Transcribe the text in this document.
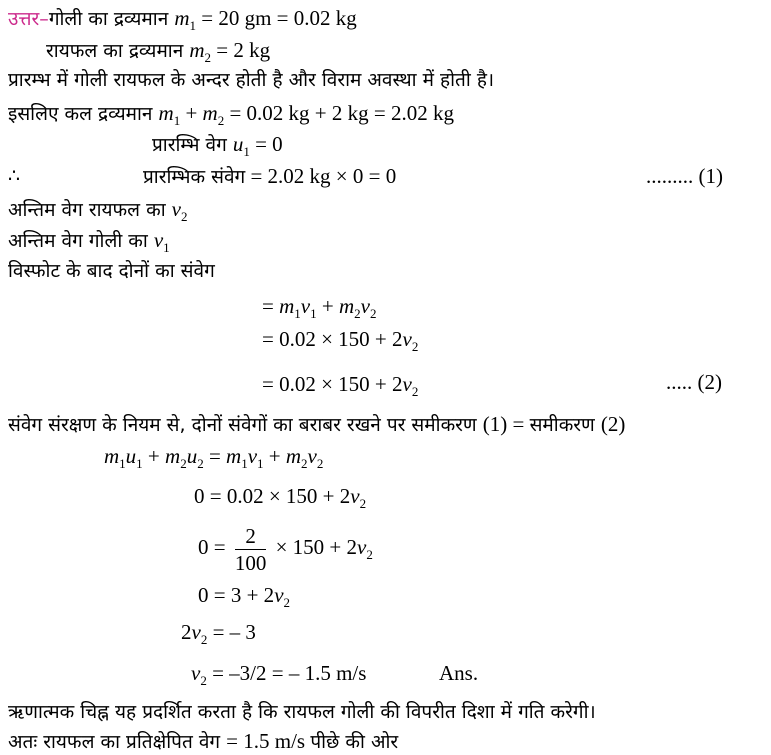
उत्तर–गोली का द्रव्यमान $m_1 = 20$ gm = 0.02 kg
रायफल का द्रव्यमान $m_2 = 2$ kg
प्रारम्भ में गोली रायफल के अन्दर होती है और विराम अवस्था में होती है।
इसलिए कल द्रव्यमान $m_1 + m_2 = 0.02$ kg + 2 kg = 2.02 kg
प्रारम्भि वेग $u_1 = 0$
∴	प्रारम्भिक संवेग = 2.02 kg × 0 = 0	......... (1)
अन्तिम वेग रायफल का $v_2$
अन्तिम वेग गोली का $v_1$
विस्फोट के बाद दोनों का संवेग
= $m_1v_1 + m_2v_2$
= $0.02 \times 150 + 2v_2$
= $0.02 \times 150 + 2v_2$	..... (2)
संवेग संरक्षण के नियम से, दोनों संवेगों का बराबर रखने पर समीकरण (1) = समीकरण (2)
$m_1u_1 + m_2u_2 = m_1v_1 + m_2v_2$
$0 = 0.02 \times 150 + 2v_2$
$0 = \frac{2}{100} \times 150 + 2v_2$
$0 = 3 + 2v_2$
$2v_2$ = – 3
$v_2 = -3/2$ = – 1.5 m/s	Ans.
ऋणात्मक चिह्न यह प्रदर्शित करता है कि रायफल गोली की विपरीत दिशा में गति करेगी।
अतः रायफल का प्रतिक्षेपित वेग = 1.5 m/s पीछे की ओर
